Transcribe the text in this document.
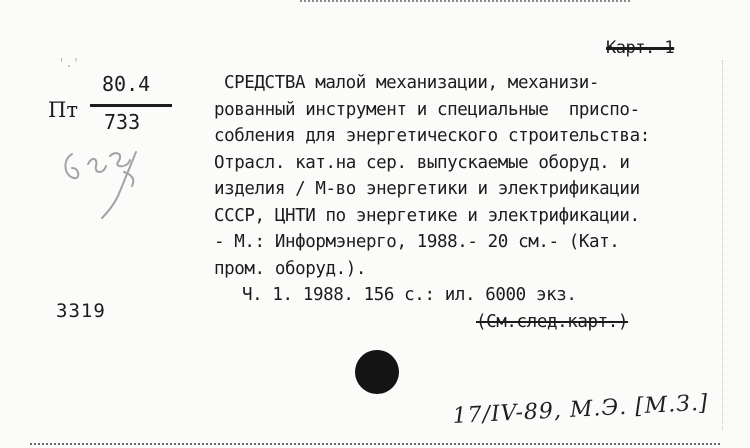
Карт. 1
'.'
80.4
Пт 733
3319
СРЕДСТВА малой механизации, механизи-
рованный инструмент и специальные  приспо-
собления для энергетического строительства:
Отрасл. кат.на сер. выпускаемые оборуд. и
изделия / М-во энергетики и электрификации
СССР, ЦНТИ по энергетике и электрификации.
- М.: Информэнерго, 1988.- 20 см.- (Кат.
пром. оборуд.).
Ч. 1. 1988. 156 с.: ил. 6000 экз.
(См.след.карт.)
17/IV-89, М.Э. [М.З.]
